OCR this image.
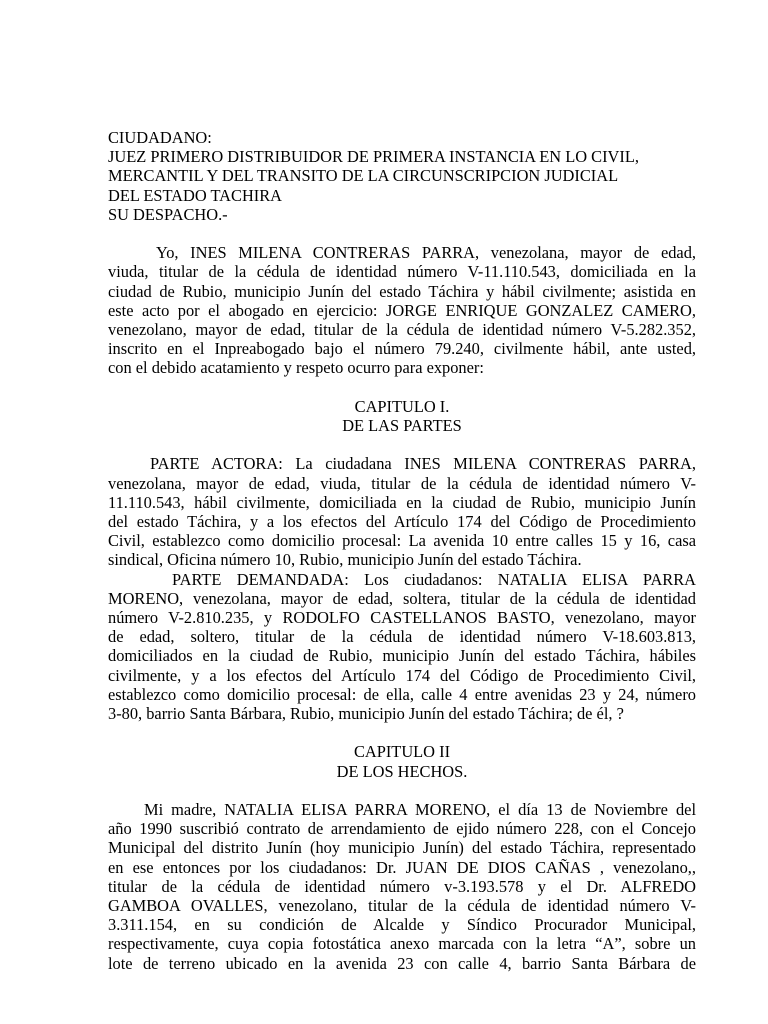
CIUDADANO:
JUEZ PRIMERO DISTRIBUIDOR DE PRIMERA INSTANCIA EN LO CIVIL,
MERCANTIL Y DEL TRANSITO DE LA CIRCUNSCRIPCION JUDICIAL
DEL ESTADO TACHIRA
SU DESPACHO.-
Yo, INES MILENA CONTRERAS PARRA, venezolana, mayor de edad,
viuda, titular de la cédula de identidad número V-11.110.543, domiciliada en la
ciudad de Rubio, municipio Junín del estado Táchira y hábil civilmente; asistida en
este acto por el abogado en ejercicio: JORGE ENRIQUE GONZALEZ CAMERO,
venezolano, mayor de edad, titular de la cédula de identidad número V-5.282.352,
inscrito en el Inpreabogado bajo el número 79.240, civilmente hábil, ante usted,
con el debido acatamiento y respeto ocurro para exponer:
CAPITULO I.
DE LAS PARTES
PARTE ACTORA: La ciudadana INES MILENA CONTRERAS PARRA,
venezolana, mayor de edad, viuda, titular de la cédula de identidad número V-
11.110.543, hábil civilmente, domiciliada en la ciudad de Rubio, municipio Junín
del estado Táchira, y a los efectos del Artículo 174 del Código de Procedimiento
Civil, establezco como domicilio procesal: La avenida 10 entre calles 15 y 16, casa
sindical, Oficina número 10, Rubio, municipio Junín del estado Táchira.
PARTE DEMANDADA: Los ciudadanos: NATALIA ELISA PARRA
MORENO, venezolana, mayor de edad, soltera, titular de la cédula de identidad
número V-2.810.235, y RODOLFO CASTELLANOS BASTO, venezolano, mayor
de edad, soltero, titular de la cédula de identidad número V-18.603.813,
domiciliados en la ciudad de Rubio, municipio Junín del estado Táchira, hábiles
civilmente, y a los efectos del Artículo 174 del Código de Procedimiento Civil,
establezco como domicilio procesal: de ella, calle 4 entre avenidas 23 y 24, número
3-80, barrio Santa Bárbara, Rubio, municipio Junín del estado Táchira; de él, ?
CAPITULO II
DE LOS HECHOS.
Mi madre, NATALIA ELISA PARRA MORENO, el día 13 de Noviembre del
año 1990 suscribió contrato de arrendamiento de ejido número 228, con el Concejo
Municipal del distrito Junín (hoy municipio Junín) del estado Táchira, representado
en ese entonces por los ciudadanos: Dr. JUAN DE DIOS CAÑAS , venezolano,,
titular de la cédula de identidad número v-3.193.578 y el Dr. ALFREDO
GAMBOA OVALLES, venezolano, titular de la cédula de identidad número V-
3.311.154, en su condición de Alcalde y Síndico Procurador Municipal,
respectivamente, cuya copia fotostática anexo marcada con la letra “A”, sobre un
lote de terreno ubicado en la avenida 23 con calle 4, barrio Santa Bárbara de
